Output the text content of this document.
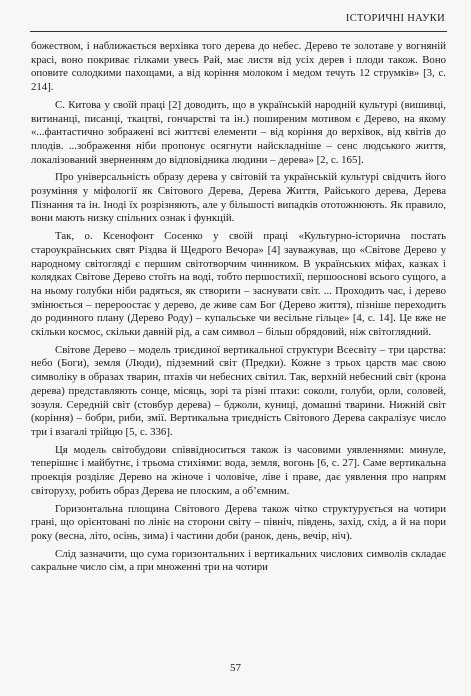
ІСТОРИЧНІ НАУКИ

божеством, і наближається верхівка того дерева до небес. Дерево те золотаве у вогняній красі, воно покриває гілками увесь Рай, має листя від усіх дерев і плоди також. Воно оповите солодкими пахощами, а від коріння молоком і медом течуть 12 струмків» [3, с. 214].

С. Китова у своїй праці [2] доводить, що в українській народній культурі (вишивці, витинанці, писанці, ткацтві, гончарстві та ін.) поширеним мотивом є Дерево, на якому «...фантастично зображені всі життєві елементи – від коріння до верхівок, від квітів до плодів. ...зображення ніби пропонує осягнути найскладніше – сенс людського життя, локалізований зверненням до відповідника людини – дерева» [2, с. 165].

Про універсальність образу дерева у світовій та українській культурі свідчить його розуміння у міфології як Світового Дерева, Дерева Життя, Райського дерева, Дерева Пізнання та ін. Іноді їх розрізняють, але у більшості випадків ототожнюють. Як правило, вони мають низку спільних ознак і функцій.

Так, о. Ксенофонт Сосенко у своїй праці «Культурно-історична постать староукраїнських свят Різдва й Щедрого Вечора» [4] зауважував, що «Світове Дерево у народному світогляді є першим світотворчим чинником. В українських міфах, казках і колядках Світове Дерево стоїть на воді, тобто першостихії, першоосновi всього сущого, а на ньому голубки ніби радяться, як створити – заснувати світ. ... Проходить час, і дерево змінюється – перероостає у дерево, де живе сам Бог (Дерево життя), пізніше переходить до родинного плану (Дерево Роду) – купальське чи весільне гільце» [4, с. 14]. Це вже не скільки космос, скільки давній рід, а сам символ – більш обрядовий, ніж світоглядний.

Світове Дерево – модель триєдиної вертикальної структури Всесвіту – три царства: небо (Боги), земля (Люди), підземний світ (Предки). Кожне з трьох царств має свою символіку в образах тварин, птахів чи небесних світил. Так, верхній небесний світ (крона дерева) представляють сонце, місяць, зорі та різні птахи: соколи, голуби, орли, соловей, зозуля. Середній світ (стовбур дерева) – бджоли, куниці, домашні тварини. Нижній світ (коріння) – бобри, риби, змії. Вертикальна триєдність Світового Дерева сакралізує число три і взагалі трійцю [5, с. 336].

Ця модель світобудови співвідноситься також із часовими уявленнями: минуле, теперішнє і майбутнє, і трьома стихіями: вода, земля, вогонь [6, с. 27]. Саме вертикальна проекція розділяє Дерево на жіноче і чоловіче, ліве і праве, дає уявлення про напрям світоруху, робить образ Дерева не плоским, а об’ємним.

Горизонтальна площина Світового Дерева також чітко структурується на чотири грані, що орієнтовані по лініє на сторони світу – північ, південь, захід, схід, а й на пори року (весна, літо, осінь, зима) і частини доби (ранок, день, вечір, ніч).

Слід зазначити, що сума горизонтальних і вертикальних числових символів складає сакральне число сім, а при множенні три на чотири

57
